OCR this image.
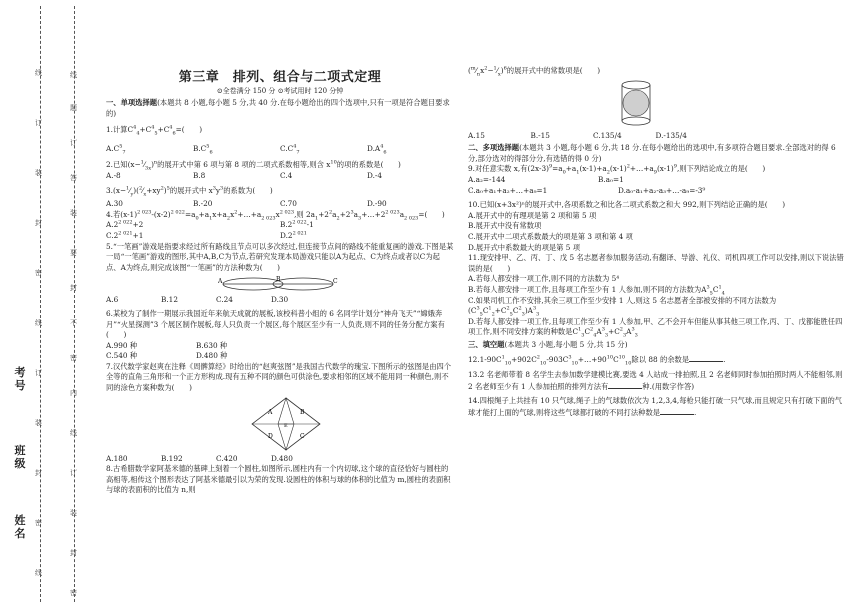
线
订
装
封
密
线
订
装
封
密
线
线
题
订
答
装
要
封
不
密
内
线
订
装
封
密
考号
班级
姓名
第三章　排列、组合与二项式定理
⊙全卷满分 150 分 ⊙考试用时 120 分钟

一、单项选择题(本题共 8 小题,每小题 5 分,共 40 分.在每小题给出的四个选项中,只有一项是符合题目要求的)

1.计算$C^4_4+C^4_5+C^4_6=$(　　)

$A.C^5_7$	$B.C^5_6$	$C.C^4_7$	$D.A^4_6$

2.已知$(x-^1⁄_{3x})^n$的展开式中第 6 项与第 8 项的二项式系数相等,则含 $x^{10}$的项的系数是(　　)

A.-8	B.8	C.4	D.-4

$3.(x-^1⁄_y)(^2⁄_x+xy^2)^5$的展开式中 $x^3y^3$的系数为(　　)

A.30	B.-20	C.70	D.-90

4.若$(x-1)^{2 023}-(x-2)^{2 022}=a_0+a_1x+a_2x^2+\dots+a_{2 023}x^{2 023}$,则 $2a_1+2^2a_2+2^3a_3+\dots+2^{2 023}a_{2 023}=$(　　)

$A.2^{2 022}+2$	$B.2^{2 022}-1$
$C.2^{2 021}+1$	$D.2^{2 021}$

5.“一笔画”游戏是指要求经过所有路线且节点可以多次经过,但连接节点间的路线不能重复画的游戏.下图是某一局“一笔画”游戏的图形,其中A,B,C为节点,若研究发现本局游戏只能以A为起点、C为终点或者以C为起点、A为终点,则完成该图“一笔画”的方法种数为(　　)

A	B	C
A.6	B.12	C.24	D.30

6.某校为了制作一期展示我国近年来航天成就的展板,该校科普小组的 6 名同学计划分“神舟飞天”“嫦娥奔月”“火星探测”3 个展区制作展板,每人只负责一个展区,每个展区至少有一人负责,则不同的任务分配方案有(　　)

A.990 种	B.630 种
C.540 种	D.480 种

7.汉代数学家赵爽在注释《周髀算经》时给出的“赵爽弦图”是我国古代数学的瑰宝.下图所示的弦图是由四个全等的直角三角形和一个正方形构成.现有五种不同的颜色可供涂色,要求相邻的区域不能用同一种颜色,则不同的涂色方案种数为(　　)

A	B
C
D
E
A.180	B.192	C.420	D.480

8.古希腊数学家阿基米德的墓碑上刻着一个圆柱,如图所示,圆柱内有一个内切球,这个球的直径恰好与圆柱的高相等,相传这个图形表达了阿基米德最引以为荣的发现.设圆柱的体积与球的体积的比值为 m,圆柱的表面积与球的表面积的比值为 n,则

$(^m⁄_nx^2-^1⁄_x)^6$的展开式中的常数项是(　　)

A.15	B.-15	C.135/4	D.-135/4

二、多项选择题(本题共 3 小题,每小题 6 分,共 18 分.在每小题给出的选项中,有多项符合题目要求.全部选对的得 6 分,部分选对的得部分分,有选错的得 0 分)

9.对任意实数 x,有$(2x-3)^9=a_0+a_1(x-1)+a_2(x-1)^2+\dots+a_9(x-1)^9$,则下列结论成立的是(　　)

A.a₂=-144	B.a₀=1
C.a₀+a₁+a₂+…+a₉=1	D.a₀-a₁+a₂-a₃+…-a₉=-3⁹

10.已知(x+3x²)ⁿ的展开式中,各项系数之和比各二项式系数之和大 992,则下列结论正确的是(　　)

A.展开式中的有理项是第 2 项和第 5 项

B.展开式中没有常数项

C.展开式中二项式系数最大的项是第 3 项和第 4 项

D.展开式中系数最大的项是第 5 项

11.现安排甲、乙、丙、丁、戊 5 名志愿者参加服务活动,有翻译、导游、礼仪、司机四项工作可以安排,则以下说法错误的是(　　)

A.若每人都安排一项工作,则不同的方法数为 5⁴

B.若每人都安排一项工作,且每项工作至少有 1 人参加,则不同的方法数为$A^3_5C^1_4$

C.如果司机工作不安排,其余三项工作至少安排 1 人,则这 5 名志愿者全部被安排的不同方法数为$(C^3_5C^1_2+C^2_5C^2_3)A^3_3$

D.若每人都安排一项工作,且每项工作至少有 1 人参加,甲、乙不会开车但能从事其他三项工作,丙、丁、戊都能胜任四项工作,则不同安排方案的种数是$C^1_3C^2_4A^3_3+C^2_3A^3_3$

三、填空题(本题共 3 小题,每小题 5 分,共 15 分)

$12.1-90C^1_{10}+902C^2_{10}-903C^3_{10}+\dots+90^{10}C^{10}_{10}$除以 88 的余数是	.

13.2 名老师带着 8 名学生去参加数学建模比赛,要选 4 人站成一排拍照,且 2 名老师同时参加拍照时两人不能相邻,则 2 名老师至少有 1 人参加拍照的排列方法有	种.(用数字作答)

14.四根绳子上共挂有 10 只气球,绳子上的气球数依次为 1,2,3,4,每枪只能打破一只气球,而且规定只有打破下面的气球才能打上面的气球,则将这些气球都打破的不同打法种数是	.
